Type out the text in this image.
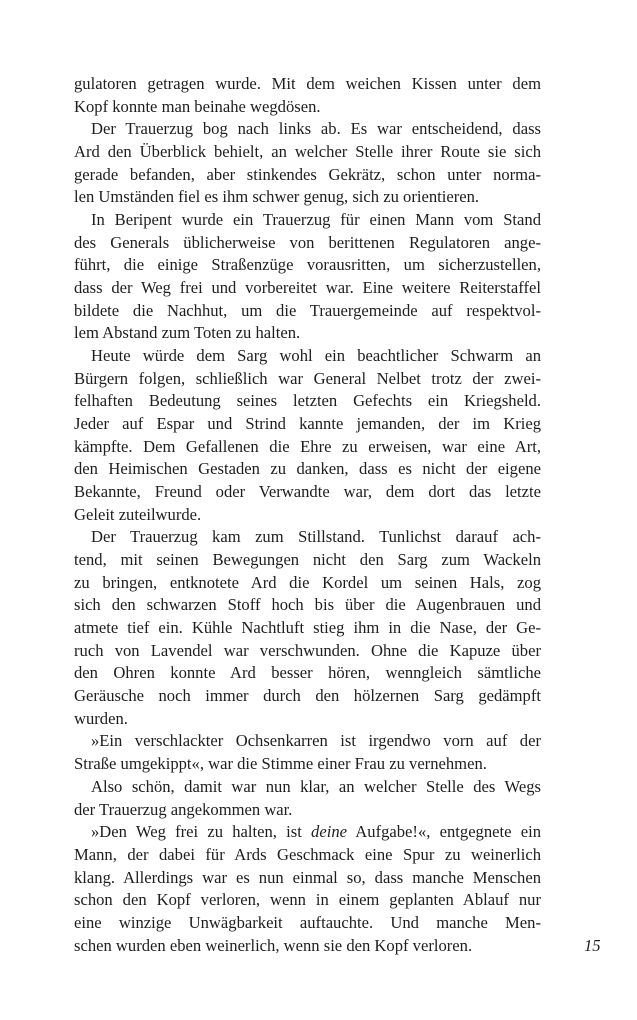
gulatoren getragen wurde. Mit dem weichen Kissen unter dem
Kopf konnte man beinahe wegdösen.
Der Trauerzug bog nach links ab. Es war entscheidend, dass
Ard den Überblick behielt, an welcher Stelle ihrer Route sie sich
gerade befanden, aber stinkendes Gekrätz, schon unter norma-
len Umständen fiel es ihm schwer genug, sich zu orientieren.
In Beripent wurde ein Trauerzug für einen Mann vom Stand
des Generals üblicherweise von berittenen Regulatoren ange-
führt, die einige Straßenzüge vorausritten, um sicherzustellen,
dass der Weg frei und vorbereitet war. Eine weitere Reiterstaffel
bildete die Nachhut, um die Trauergemeinde auf respektvol-
lem Abstand zum Toten zu halten.
Heute würde dem Sarg wohl ein beachtlicher Schwarm an
Bürgern folgen, schließlich war General Nelbet trotz der zwei-
felhaften Bedeutung seines letzten Gefechts ein Kriegsheld.
Jeder auf Espar und Strind kannte jemanden, der im Krieg
kämpfte. Dem Gefallenen die Ehre zu erweisen, war eine Art,
den Heimischen Gestaden zu danken, dass es nicht der eigene
Bekannte, Freund oder Verwandte war, dem dort das letzte
Geleit zuteilwurde.
Der Trauerzug kam zum Stillstand. Tunlichst darauf ach-
tend, mit seinen Bewegungen nicht den Sarg zum Wackeln
zu bringen, entknotete Ard die Kordel um seinen Hals, zog
sich den schwarzen Stoff hoch bis über die Augenbrauen und
atmete tief ein. Kühle Nachtluft stieg ihm in die Nase, der Ge-
ruch von Lavendel war verschwunden. Ohne die Kapuze über
den Ohren konnte Ard besser hören, wenngleich sämtliche
Geräusche noch immer durch den hölzernen Sarg gedämpft
wurden.
»Ein verschlackter Ochsenkarren ist irgendwo vorn auf der
Straße umgekippt«, war die Stimme einer Frau zu vernehmen.
Also schön, damit war nun klar, an welcher Stelle des Wegs
der Trauerzug angekommen war.
»Den Weg frei zu halten, ist deine Aufgabe!«, entgegnete ein
Mann, der dabei für Ards Geschmack eine Spur zu weinerlich
klang. Allerdings war es nun einmal so, dass manche Menschen
schon den Kopf verloren, wenn in einem geplanten Ablauf nur
eine winzige Unwägbarkeit auftauchte. Und manche Men-
schen wurden eben weinerlich, wenn sie den Kopf verloren.	15
